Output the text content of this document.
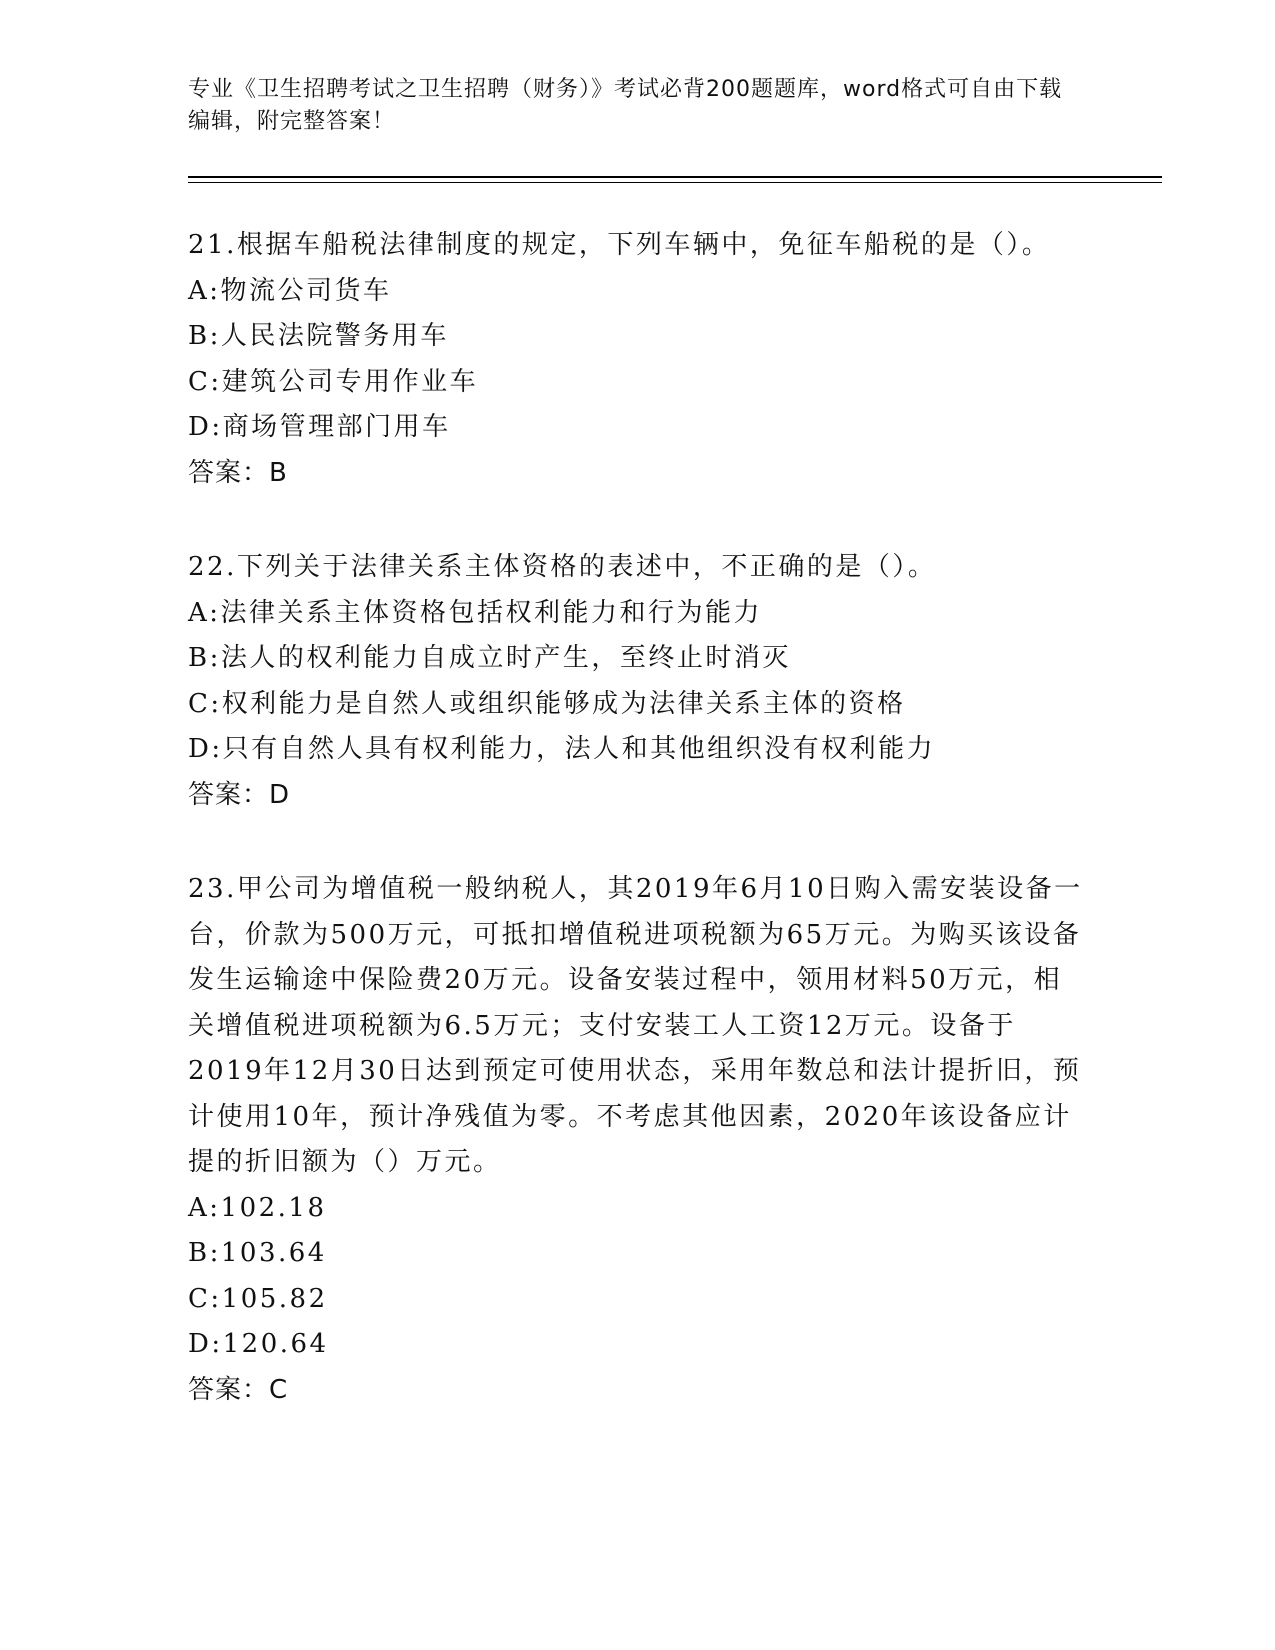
专业《卫生招聘考试之卫生招聘（财务）》考试必背200题题库，word格式可自由下载编辑，附完整答案！

21.根据车船税法律制度的规定，下列车辆中，免征车船税的是（）。

A:物流公司货车

B:人民法院警务用车

C:建筑公司专用作业车

D:商场管理部门用车

答案：B

22.下列关于法律关系主体资格的表述中，不正确的是（）。

A:法律关系主体资格包括权利能力和行为能力

B:法人的权利能力自成立时产生，至终止时消灭

C:权利能力是自然人或组织能够成为法律关系主体的资格

D:只有自然人具有权利能力，法人和其他组织没有权利能力

答案：D

23.甲公司为增值税一般纳税人，其2019年6月10日购入需安装设备一台，价款为500万元，可抵扣增值税进项税额为65万元。为购买该设备发生运输途中保险费20万元。设备安装过程中，领用材料50万元，相关增值税进项税额为6.5万元；支付安装工人工资12万元。设备于2019年12月30日达到预定可使用状态，采用年数总和法计提折旧，预计使用10年，预计净残值为零。不考虑其他因素，2020年该设备应计提的折旧额为（）万元。

A:102.18

B:103.64

C:105.82

D:120.64

答案：C
